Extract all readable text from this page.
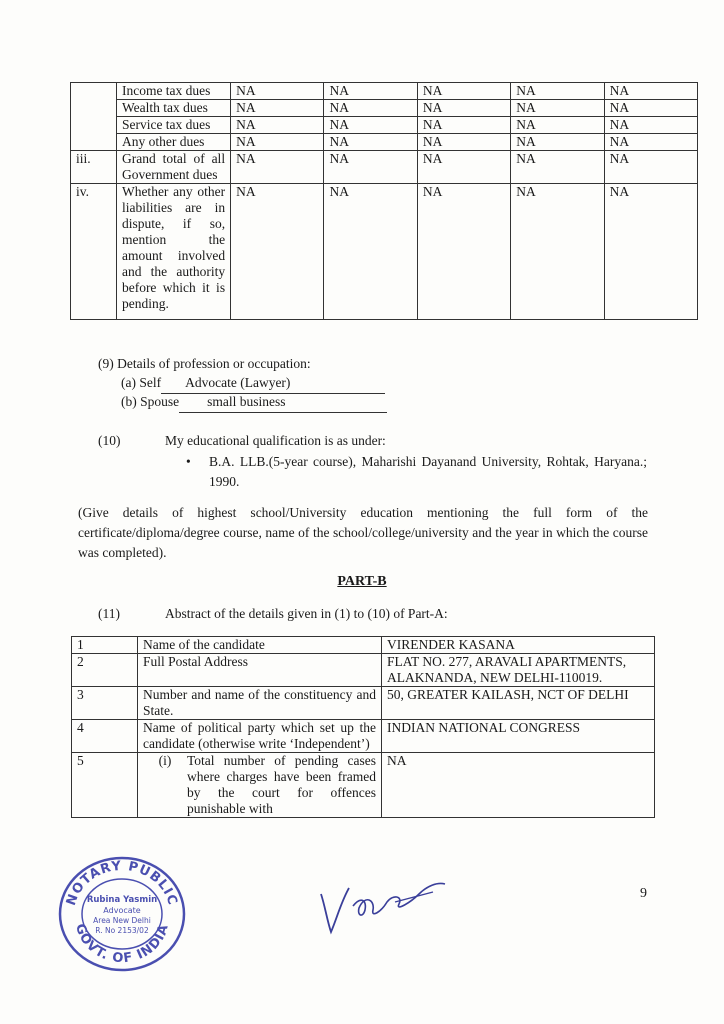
	Income tax dues	NA	NA	NA	NA	NA
	Wealth tax dues	NA	NA	NA	NA	NA
	Service tax dues	NA	NA	NA	NA	NA
	Any other dues	NA	NA	NA	NA	NA
iii.	Grand total of all Government dues	NA	NA	NA	NA	NA
iv.	Whether any other liabilities are in dispute, if so, mention the amount involved and the authority before which it is pending.	NA	NA	NA	NA	NA
(9) Details of profession or occupation:
(a) Self Advocate (Lawyer)
(b) Spouse small business
(10)	My educational qualification is as under:
• B.A. LLB.(5-year course), Maharishi Dayanand University, Rohtak, Haryana.; 1990.
(Give details of highest school/University education mentioning the full form of the certificate/diploma/degree course, name of the school/college/university and the year in which the course was completed).
PART-B
(11)	Abstract of the details given in (1) to (10) of Part-A:
1	Name of the candidate	VIRENDER KASANA
2	Full Postal Address	FLAT NO. 277, ARAVALI APARTMENTS, ALAKNANDA, NEW DELHI-110019.
3	Number and name of the constituency and State.	50, GREATER KAILASH, NCT OF DELHI
4	Name of political party which set up the candidate (otherwise write ‘Independent’)	INDIAN NATIONAL CONGRESS
5	(i) Total number of pending cases where charges have been framed by the court for offences punishable with	NA
NOTARY PUBLIC
GOVT. OF INDIA
Rubina Yasmin
Advocate
Area New Delhi
R. No 2153/02
9
